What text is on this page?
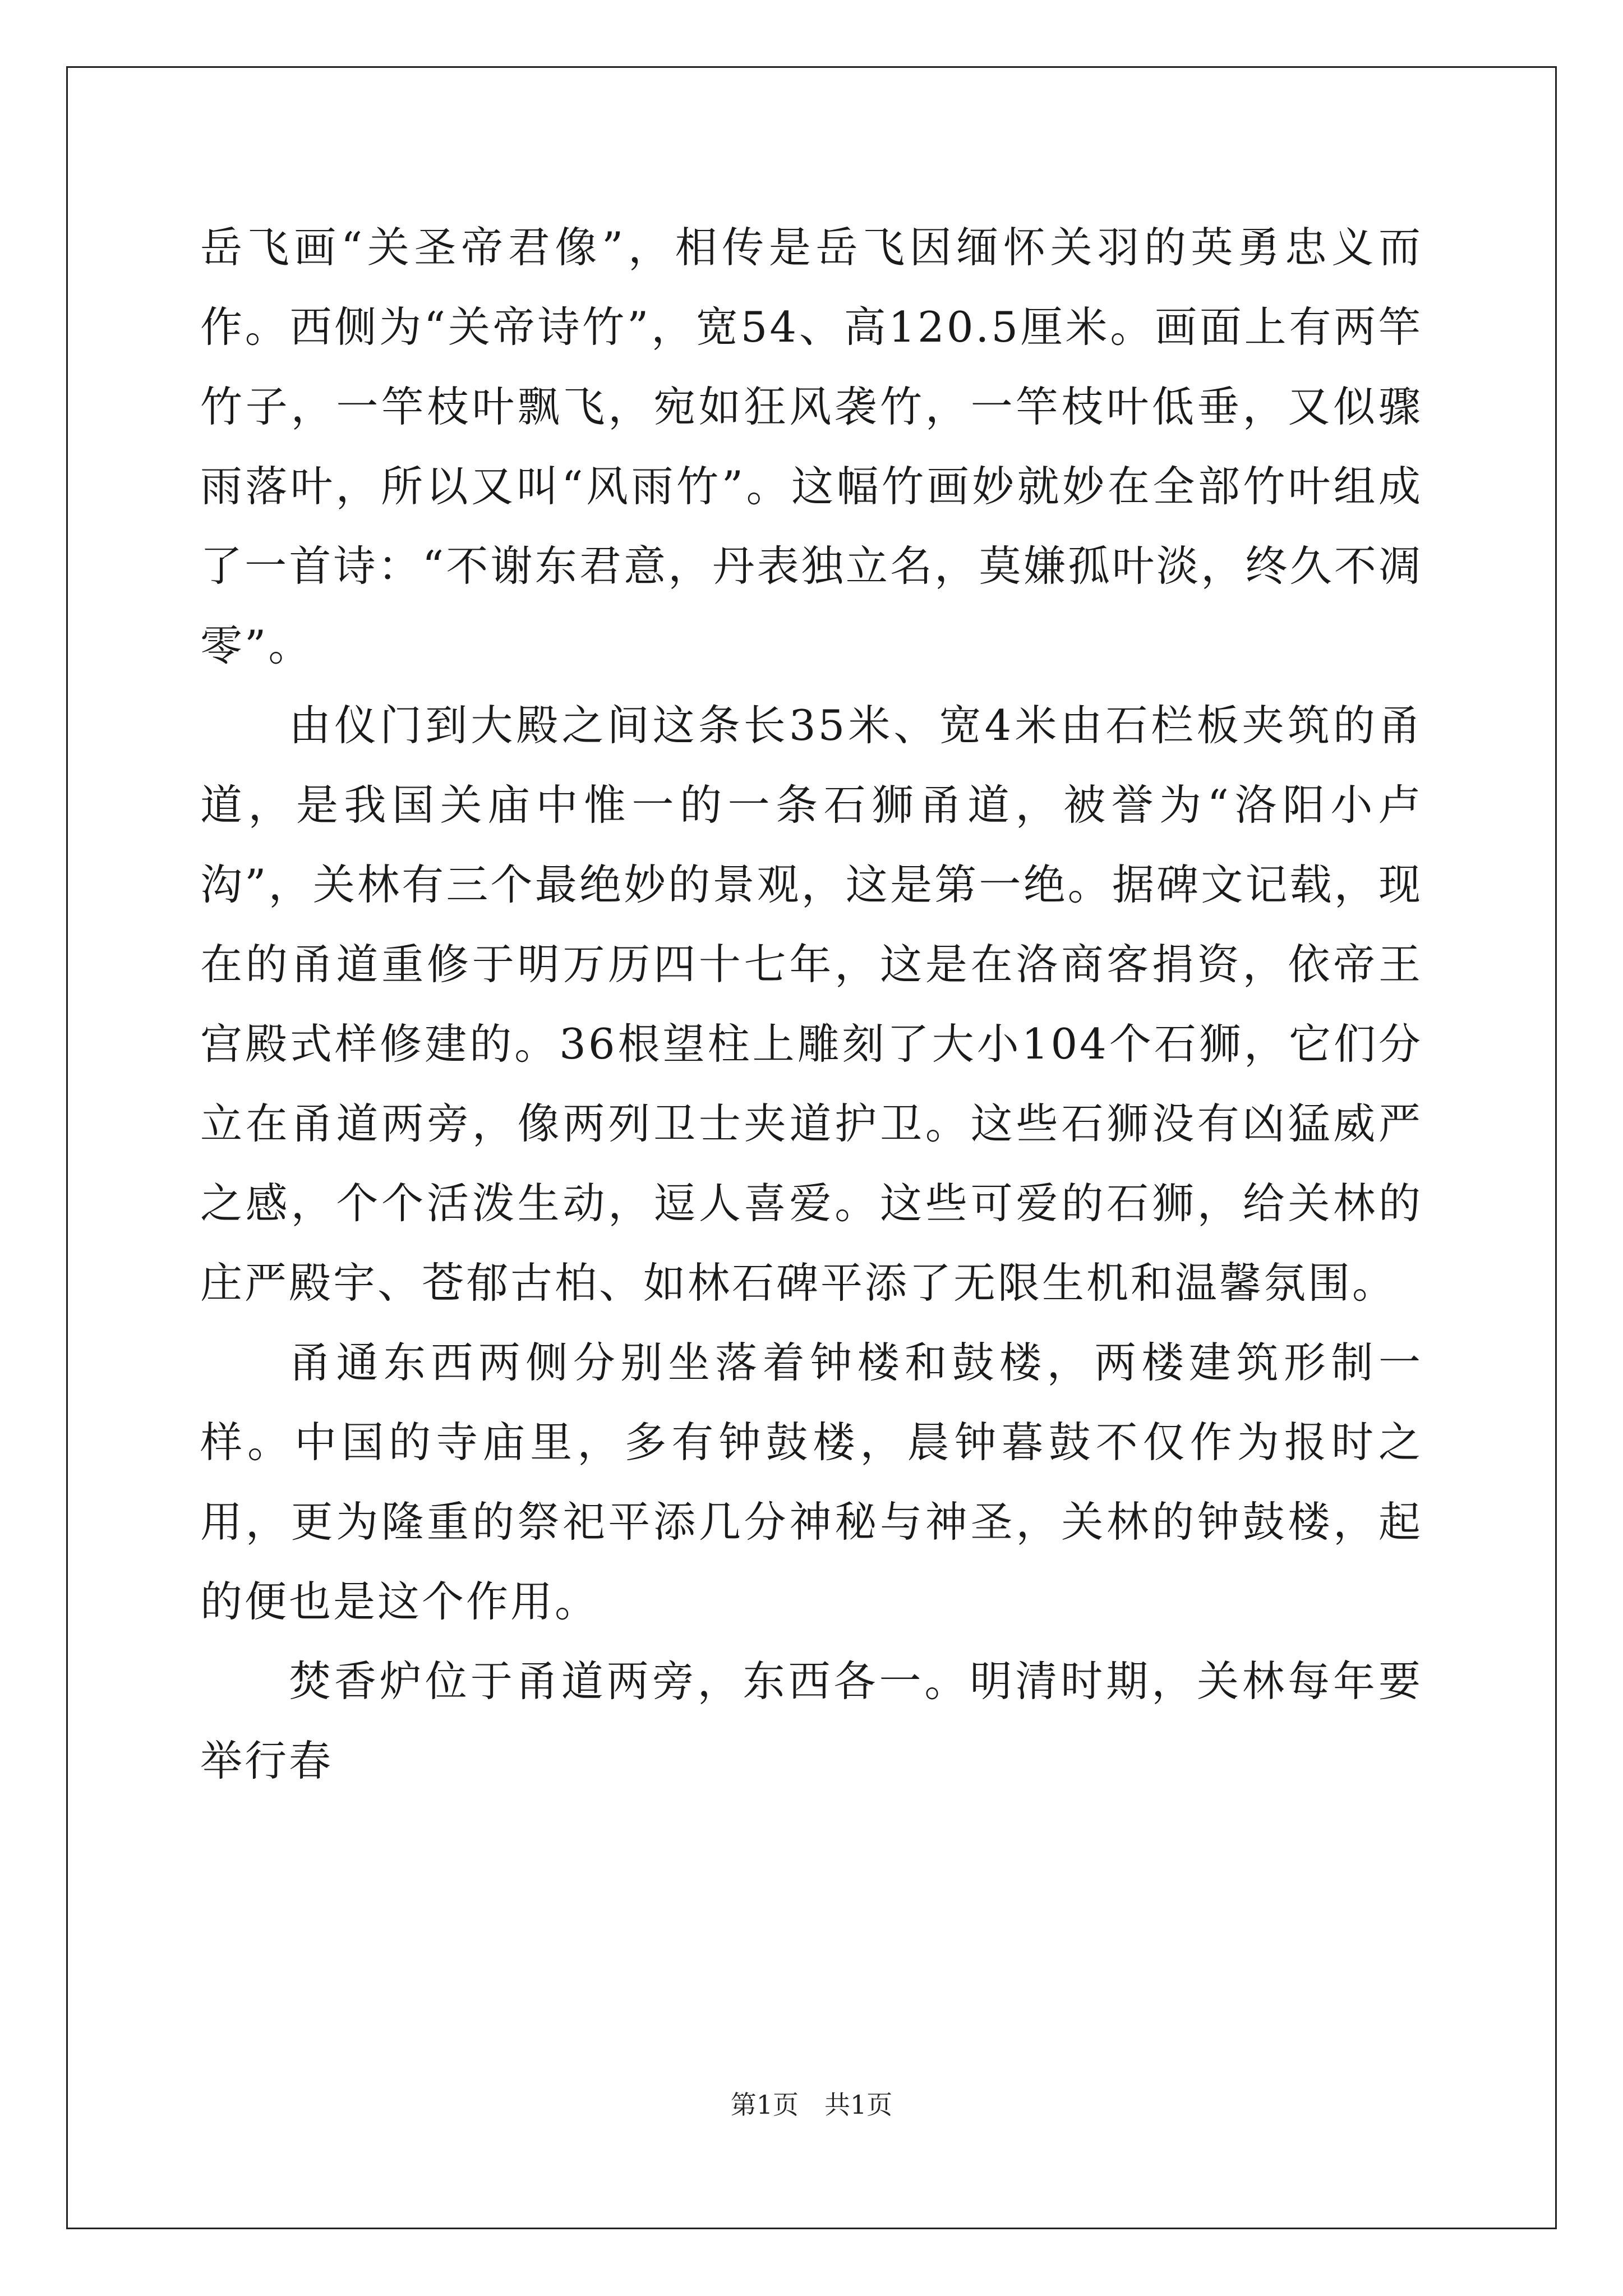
岳飞画“关圣帝君像”，相传是岳飞因缅怀关羽的英勇忠义而作。西侧为“关帝诗竹”，宽54、高120.5厘米。画面上有两竿竹子，一竿枝叶飘飞，宛如狂风袭竹，一竿枝叶低垂，又似骤雨落叶，所以又叫“风雨竹”。这幅竹画妙就妙在全部竹叶组成了一首诗：“不谢东君意，丹表独立名，莫嫌孤叶淡，终久不凋零”。

由仪门到大殿之间这条长35米、宽4米由石栏板夹筑的甬道，是我国关庙中惟一的一条石狮甬道，被誉为“洛阳小卢沟”，关林有三个最绝妙的景观，这是第一绝。据碑文记载，现在的甬道重修于明万历四十七年，这是在洛商客捐资，依帝王宫殿式样修建的。36根望柱上雕刻了大小104个石狮，它们分立在甬道两旁，像两列卫士夹道护卫。这些石狮没有凶猛威严之感，个个活泼生动，逗人喜爱。这些可爱的石狮，给关林的庄严殿宇、苍郁古柏、如林石碑平添了无限生机和温馨氛围。

甬通东西两侧分别坐落着钟楼和鼓楼，两楼建筑形制一样。中国的寺庙里，多有钟鼓楼，晨钟暮鼓不仅作为报时之用，更为隆重的祭祀平添几分神秘与神圣，关林的钟鼓楼，起的便也是这个作用。

焚香炉位于甬道两旁，东西各一。明清时期，关林每年要举行春

第1页 共1页
